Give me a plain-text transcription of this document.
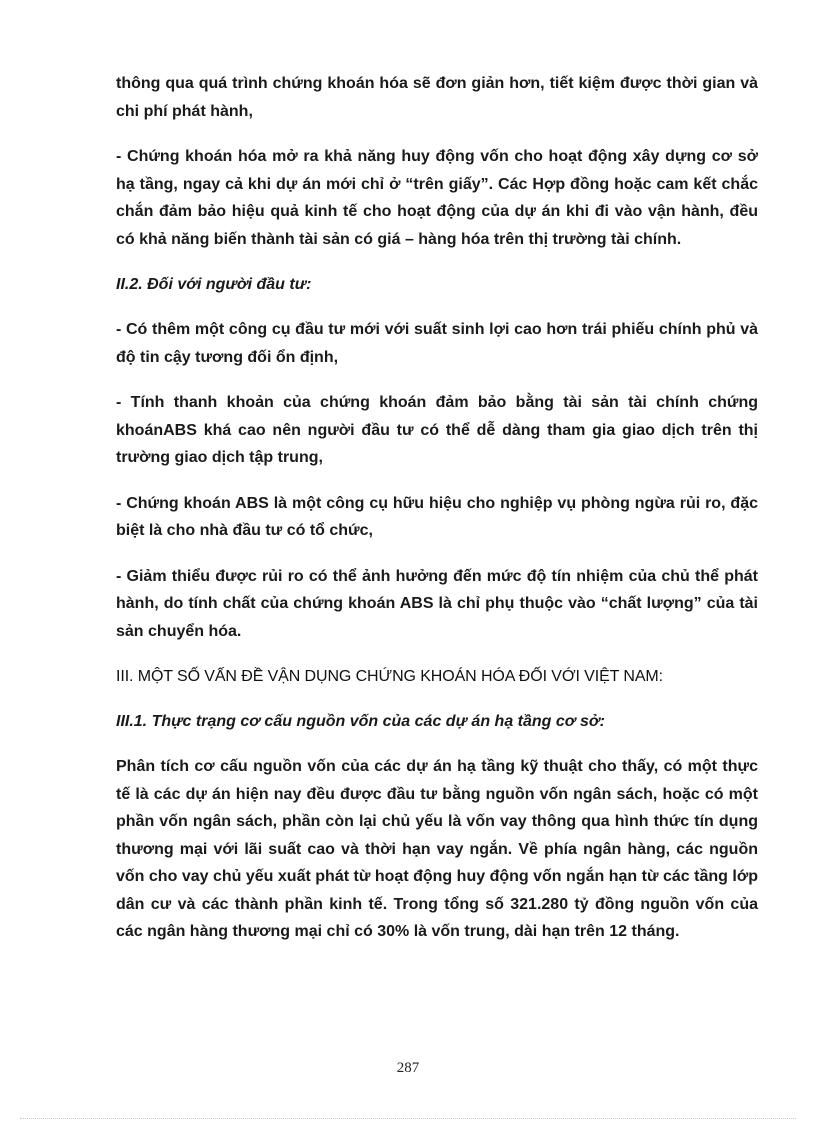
thông qua quá trình chứng khoán hóa sẽ đơn giản hơn, tiết kiệm được thời gian và chi phí phát hành,

- Chứng khoán hóa mở ra khả năng huy động vốn cho hoạt động xây dựng cơ sở hạ tầng, ngay cả khi dự án mới chỉ ở “trên giấy”. Các Hợp đồng hoặc cam kết chắc chắn đảm bảo hiệu quả kinh tế cho hoạt động của dự án khi đi vào vận hành, đều có khả năng biến thành tài sản có giá – hàng hóa trên thị trường tài chính.

II.2. Đối với người đầu tư:

- Có thêm một công cụ đầu tư mới với suất sinh lợi cao hơn trái phiếu chính phủ và độ tin cậy tương đối ổn định,

- Tính thanh khoản của chứng khoán đảm bảo bằng tài sản tài chính chứng khoánABS khá cao nên người đầu tư có thể dễ dàng tham gia giao dịch trên thị trường giao dịch tập trung,

- Chứng khoán ABS là một công cụ hữu hiệu cho nghiệp vụ phòng ngừa rủi ro, đặc biệt là cho nhà đầu tư có tổ chức,

- Giảm thiểu được rủi ro có thể ảnh hưởng đến mức độ tín nhiệm của chủ thể phát hành, do tính chất của chứng khoán ABS là chỉ phụ thuộc vào “chất lượng” của tài sản chuyển hóa.

III. MỘT SỐ VẤN ĐỀ VẬN DỤNG CHỨNG KHOÁN HÓA ĐỐI VỚI VIỆT NAM:

III.1. Thực trạng cơ cấu nguồn vốn của các dự án hạ tầng cơ sở:

Phân tích cơ cấu nguồn vốn của các dự án hạ tầng kỹ thuật cho thấy, có một thực tế là các dự án hiện nay đều được đầu tư bằng nguồn vốn ngân sách, hoặc có một phần vốn ngân sách, phần còn lại chủ yếu là vốn vay thông qua hình thức tín dụng thương mại với lãi suất cao và thời hạn vay ngắn. Về phía ngân hàng, các nguồn vốn cho vay chủ yếu xuất phát từ hoạt động huy động vốn ngắn hạn từ các tầng lớp dân cư và các thành phần kinh tế. Trong tổng số 321.280 tỷ đồng nguồn vốn của các ngân hàng thương mại chỉ có 30% là vốn trung, dài hạn trên 12 tháng.

287
